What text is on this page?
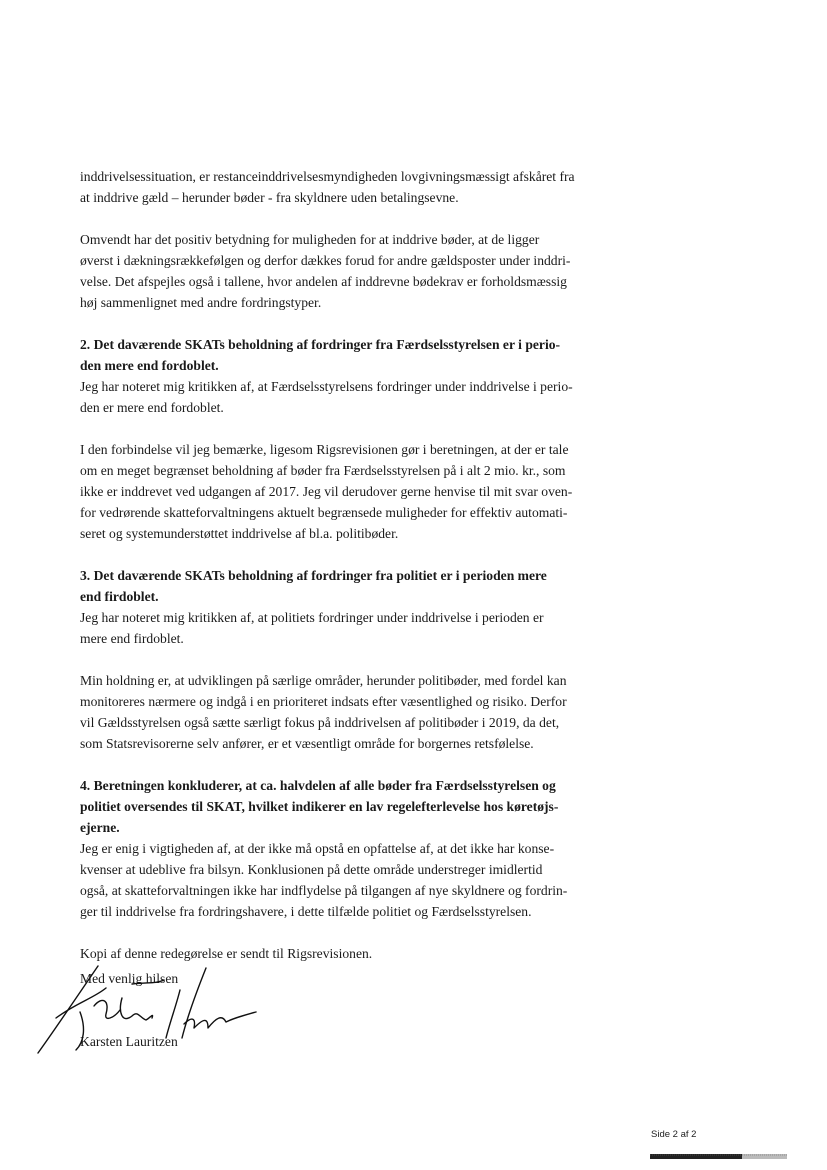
inddrivelsessituation, er restanceinddrivelsesmyndigheden lovgivningsmæssigt afskåret fra
at inddrive gæld – herunder bøder - fra skyldnere uden betalingsevne.

Omvendt har det positiv betydning for muligheden for at inddrive bøder, at de ligger
øverst i dækningsrækkefølgen og derfor dækkes forud for andre gældsposter under inddri-
velse. Det afspejles også i tallene, hvor andelen af inddrevne bødekrav er forholdsmæssig
høj sammenlignet med andre fordringstyper.

2. Det daværende SKATs beholdning af fordringer fra Færdselsstyrelsen er i perio-
den mere end fordoblet.

Jeg har noteret mig kritikken af, at Færdselsstyrelsens fordringer under inddrivelse i perio-
den er mere end fordoblet.

I den forbindelse vil jeg bemærke, ligesom Rigsrevisionen gør i beretningen, at der er tale
om en meget begrænset beholdning af bøder fra Færdselsstyrelsen på i alt 2 mio. kr., som
ikke er inddrevet ved udgangen af 2017. Jeg vil derudover gerne henvise til mit svar oven-
for vedrørende skatteforvaltningens aktuelt begrænsede muligheder for effektiv automati-
seret og systemunderstøttet inddrivelse af bl.a. politibøder.

3. Det daværende SKATs beholdning af fordringer fra politiet er i perioden mere
end firdoblet.

Jeg har noteret mig kritikken af, at politiets fordringer under inddrivelse i perioden er
mere end firdoblet.

Min holdning er, at udviklingen på særlige områder, herunder politibøder, med fordel kan
monitoreres nærmere og indgå i en prioriteret indsats efter væsentlighed og risiko. Derfor
vil Gældsstyrelsen også sætte særligt fokus på inddrivelsen af politibøder i 2019, da det,
som Statsrevisorerne selv anfører, er et væsentligt område for borgernes retsfølelse.

4. Beretningen konkluderer, at ca. halvdelen af alle bøder fra Færdselsstyrelsen og
politiet oversendes til SKAT, hvilket indikerer en lav regelefterlevelse hos køretøjs-
ejerne.

Jeg er enig i vigtigheden af, at der ikke må opstå en opfattelse af, at det ikke har konse-
kvenser at udeblive fra bilsyn. Konklusionen på dette område understreger imidlertid
også, at skatteforvaltningen ikke har indflydelse på tilgangen af nye skyldnere og fordrin-
ger til inddrivelse fra fordringshavere, i dette tilfælde politiet og Færdselsstyrelsen.

Kopi af denne redegørelse er sendt til Rigsrevisionen.

Med venlig hilsen
Karsten Lauritzen
Side 2 af 2
